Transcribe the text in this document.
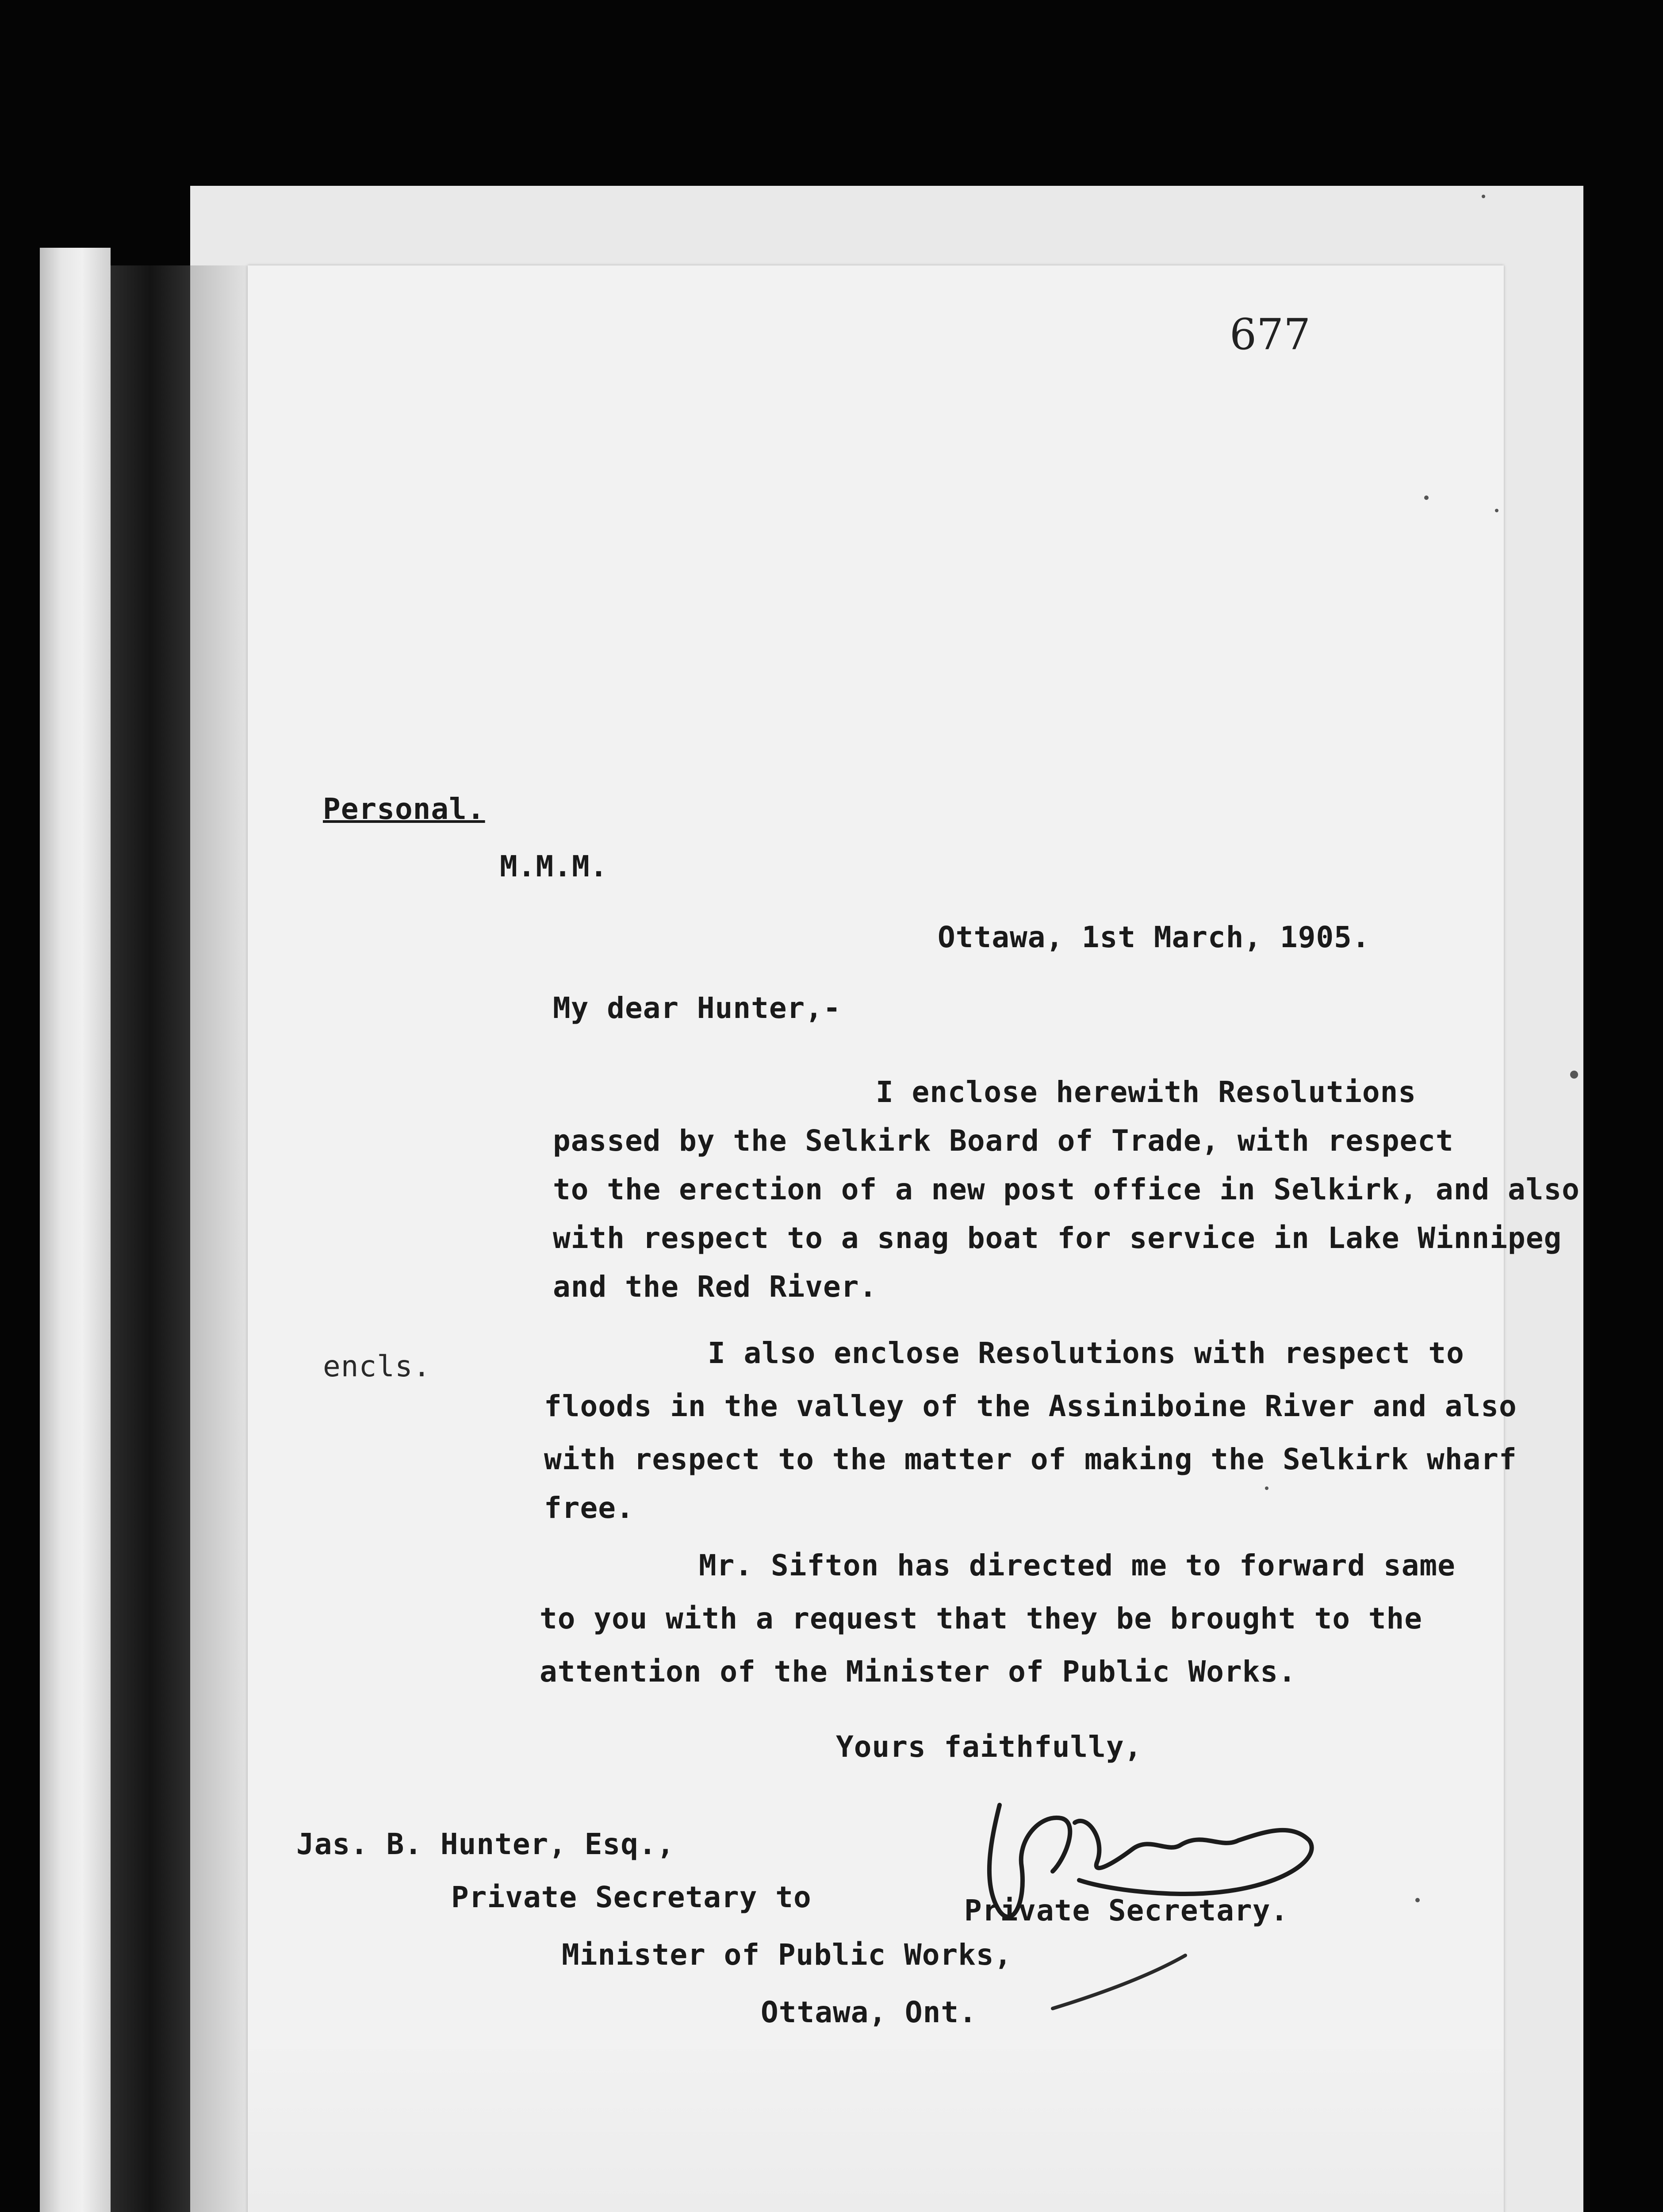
677
Personal.
M.M.M.
Ottawa, 1st March, 1905.
My dear Hunter,-
I enclose herewith Resolutions
passed by the Selkirk Board of Trade, with respect
to the erection of a new post office in Selkirk, and also
with respect to a snag boat for service in Lake Winnipeg
and the Red River.
encls.	I also enclose Resolutions with respect to
floods in the valley of the Assiniboine River and also
with respect to the matter of making the Selkirk wharf
free.
Mr. Sifton has directed me to forward same
to you with a request that they be brought to the
attention of the Minister of Public Works.
Yours faithfully,
Private Secretary.
Jas. B. Hunter, Esq.,
Private Secretary to
Minister of Public Works,
Ottawa, Ont.
